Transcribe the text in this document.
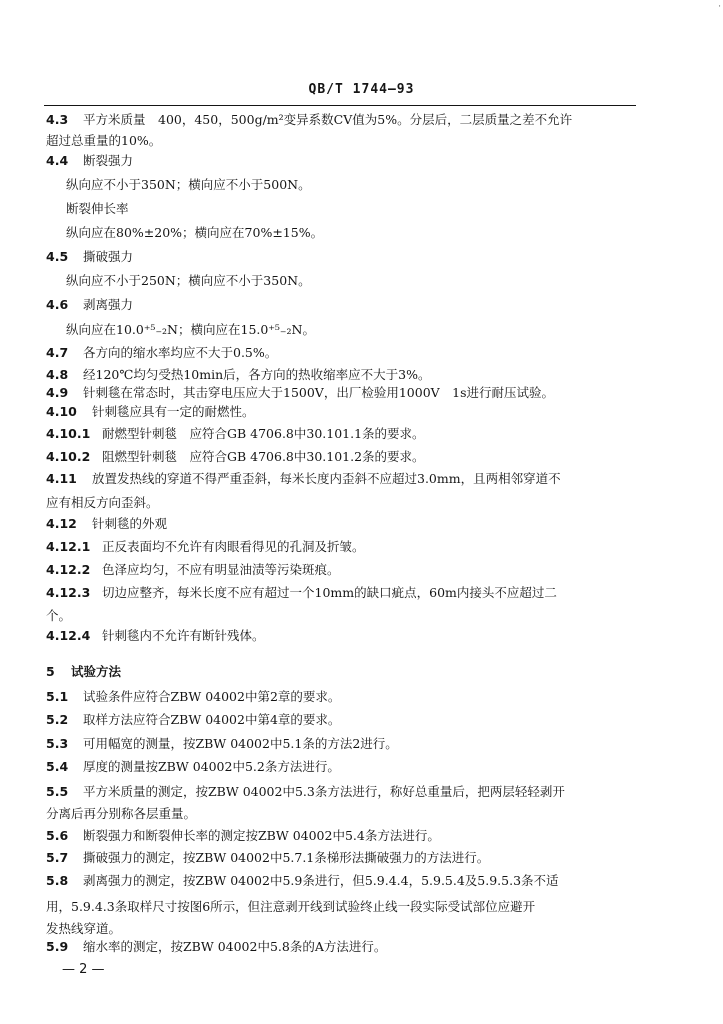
QB/T 1744—93
·
4.3 平方米质量　400，450，500g/m²变异系数CV值为5%。分层后，二层质量之差不允许
超过总重量的10%。
4.4 断裂强力
纵向应不小于350N；横向应不小于500N。
断裂伸长率
纵向应在80%±20%；横向应在70%±15%。
4.5 撕破强力
纵向应不小于250N；横向应不小于350N。
4.6 剥离强力
纵向应在10.0⁺⁵₋₂N；横向应在15.0⁺⁵₋₂N。
4.7 各方向的缩水率均应不大于0.5%。
4.8 经120℃均匀受热10min后，各方向的热收缩率应不大于3%。
4.9 针刺毯在常态时，其击穿电压应大于1500V，出厂检验用1000V　1s进行耐压试验。
4.10 针刺毯应具有一定的耐燃性。
4.10.1 耐燃型针刺毯　应符合GB 4706.8中30.101.1条的要求。
4.10.2 阻燃型针刺毯　应符合GB 4706.8中30.101.2条的要求。
4.11 放置发热线的穿道不得严重歪斜，每米长度内歪斜不应超过3.0mm，且两相邻穿道不
应有相反方向歪斜。
4.12 针刺毯的外观
4.12.1 正反表面均不允许有肉眼看得见的孔洞及折皱。
4.12.2 色泽应均匀，不应有明显油渍等污染斑痕。
4.12.3 切边应整齐，每米长度不应有超过一个10mm的缺口疵点，60m内接头不应超过二
个。
4.12.4 针刺毯内不允许有断针残体。
5 试验方法
5.1 试验条件应符合ZBW 04002中第2章的要求。
5.2 取样方法应符合ZBW 04002中第4章的要求。
5.3 可用幅宽的测量，按ZBW 04002中5.1条的方法2进行。
5.4 厚度的测量按ZBW 04002中5.2条方法进行。
5.5 平方米质量的测定，按ZBW 04002中5.3条方法进行，称好总重量后，把两层轻轻剥开
分离后再分别称各层重量。
5.6 断裂强力和断裂伸长率的测定按ZBW 04002中5.4条方法进行。
5.7 撕破强力的测定，按ZBW 04002中5.7.1条梯形法撕破强力的方法进行。
5.8 剥离强力的测定，按ZBW 04002中5.9条进行，但5.9.4.4，5.9.5.4及5.9.5.3条不适
用，5.9.4.3条取样尺寸按图6所示，但注意剥开线到试验终止线一段实际受试部位应避开
发热线穿道。
5.9 缩水率的测定，按ZBW 04002中5.8条的A方法进行。
— 2 —
